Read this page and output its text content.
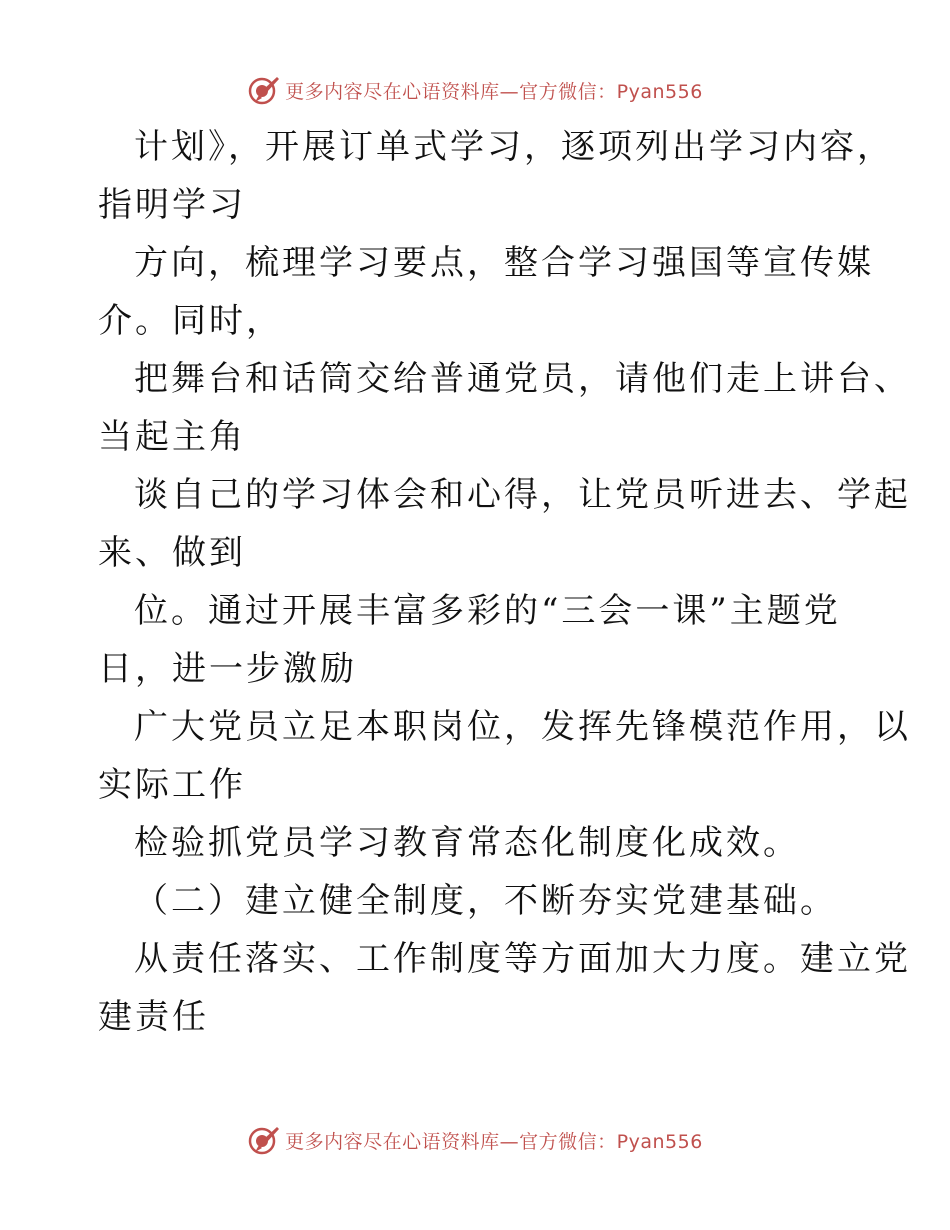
更多内容尽在心语资料库—官方微信：Pyan556
计划》，开展订单式学习，逐项列出学习内容，
指明学习
方向，梳理学习要点，整合学习强国等宣传媒
介。同时，
把舞台和话筒交给普通党员，请他们走上讲台、
当起主角
谈自己的学习体会和心得，让党员听进去、学起
来、做到
位。通过开展丰富多彩的“三会一课”主题党
日，进一步激励
广大党员立足本职岗位，发挥先锋模范作用，以
实际工作
检验抓党员学习教育常态化制度化成效。
（二）建立健全制度，不断夯实党建基础。
从责任落实、工作制度等方面加大力度。建立党
建责任
更多内容尽在心语资料库—官方微信：Pyan556
